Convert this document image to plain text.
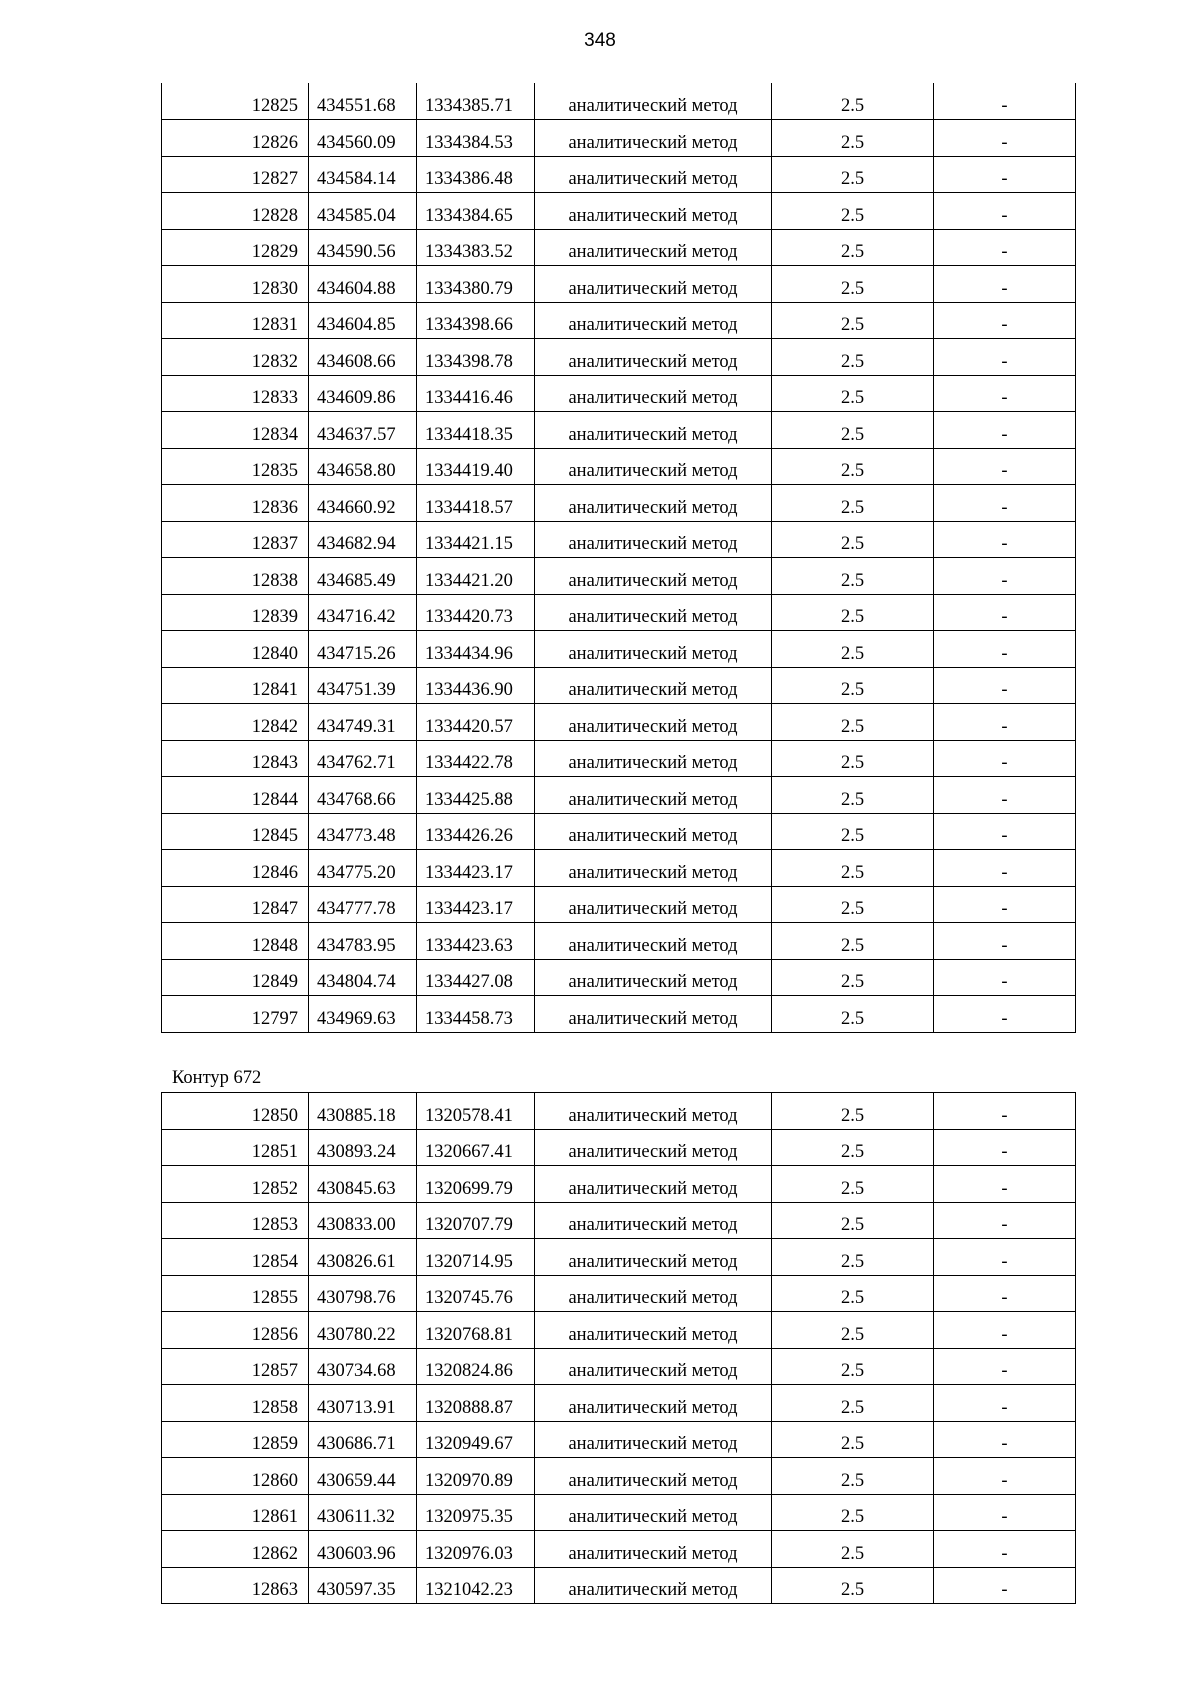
348
12825	434551.68	1334385.71	аналитический метод	2.5	-
12826	434560.09	1334384.53	аналитический метод	2.5	-
12827	434584.14	1334386.48	аналитический метод	2.5	-
12828	434585.04	1334384.65	аналитический метод	2.5	-
12829	434590.56	1334383.52	аналитический метод	2.5	-
12830	434604.88	1334380.79	аналитический метод	2.5	-
12831	434604.85	1334398.66	аналитический метод	2.5	-
12832	434608.66	1334398.78	аналитический метод	2.5	-
12833	434609.86	1334416.46	аналитический метод	2.5	-
12834	434637.57	1334418.35	аналитический метод	2.5	-
12835	434658.80	1334419.40	аналитический метод	2.5	-
12836	434660.92	1334418.57	аналитический метод	2.5	-
12837	434682.94	1334421.15	аналитический метод	2.5	-
12838	434685.49	1334421.20	аналитический метод	2.5	-
12839	434716.42	1334420.73	аналитический метод	2.5	-
12840	434715.26	1334434.96	аналитический метод	2.5	-
12841	434751.39	1334436.90	аналитический метод	2.5	-
12842	434749.31	1334420.57	аналитический метод	2.5	-
12843	434762.71	1334422.78	аналитический метод	2.5	-
12844	434768.66	1334425.88	аналитический метод	2.5	-
12845	434773.48	1334426.26	аналитический метод	2.5	-
12846	434775.20	1334423.17	аналитический метод	2.5	-
12847	434777.78	1334423.17	аналитический метод	2.5	-
12848	434783.95	1334423.63	аналитический метод	2.5	-
12849	434804.74	1334427.08	аналитический метод	2.5	-
12797	434969.63	1334458.73	аналитический метод	2.5	-
Контур 672
12850	430885.18	1320578.41	аналитический метод	2.5	-
12851	430893.24	1320667.41	аналитический метод	2.5	-
12852	430845.63	1320699.79	аналитический метод	2.5	-
12853	430833.00	1320707.79	аналитический метод	2.5	-
12854	430826.61	1320714.95	аналитический метод	2.5	-
12855	430798.76	1320745.76	аналитический метод	2.5	-
12856	430780.22	1320768.81	аналитический метод	2.5	-
12857	430734.68	1320824.86	аналитический метод	2.5	-
12858	430713.91	1320888.87	аналитический метод	2.5	-
12859	430686.71	1320949.67	аналитический метод	2.5	-
12860	430659.44	1320970.89	аналитический метод	2.5	-
12861	430611.32	1320975.35	аналитический метод	2.5	-
12862	430603.96	1320976.03	аналитический метод	2.5	-
12863	430597.35	1321042.23	аналитический метод	2.5	-
